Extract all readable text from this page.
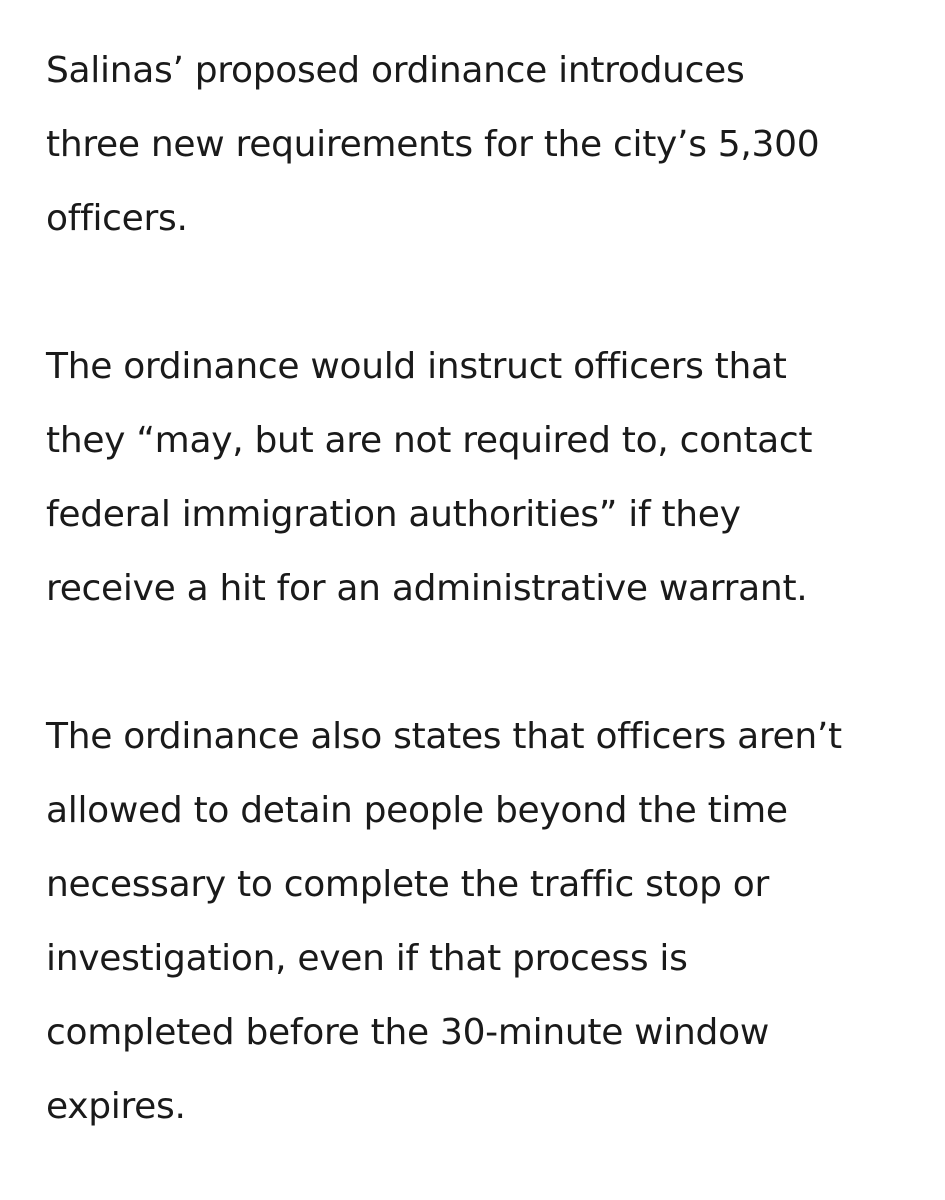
Salinas’ proposed ordinance introduces
three new requirements for the city’s 5,300
officers.

The ordinance would instruct officers that
they “may, but are not required to, contact
federal immigration authorities” if they
receive a hit for an administrative warrant.

The ordinance also states that officers aren’t
allowed to detain people beyond the time
necessary to complete the traffic stop or
investigation, even if that process is
completed before the 30-minute window
expires.
